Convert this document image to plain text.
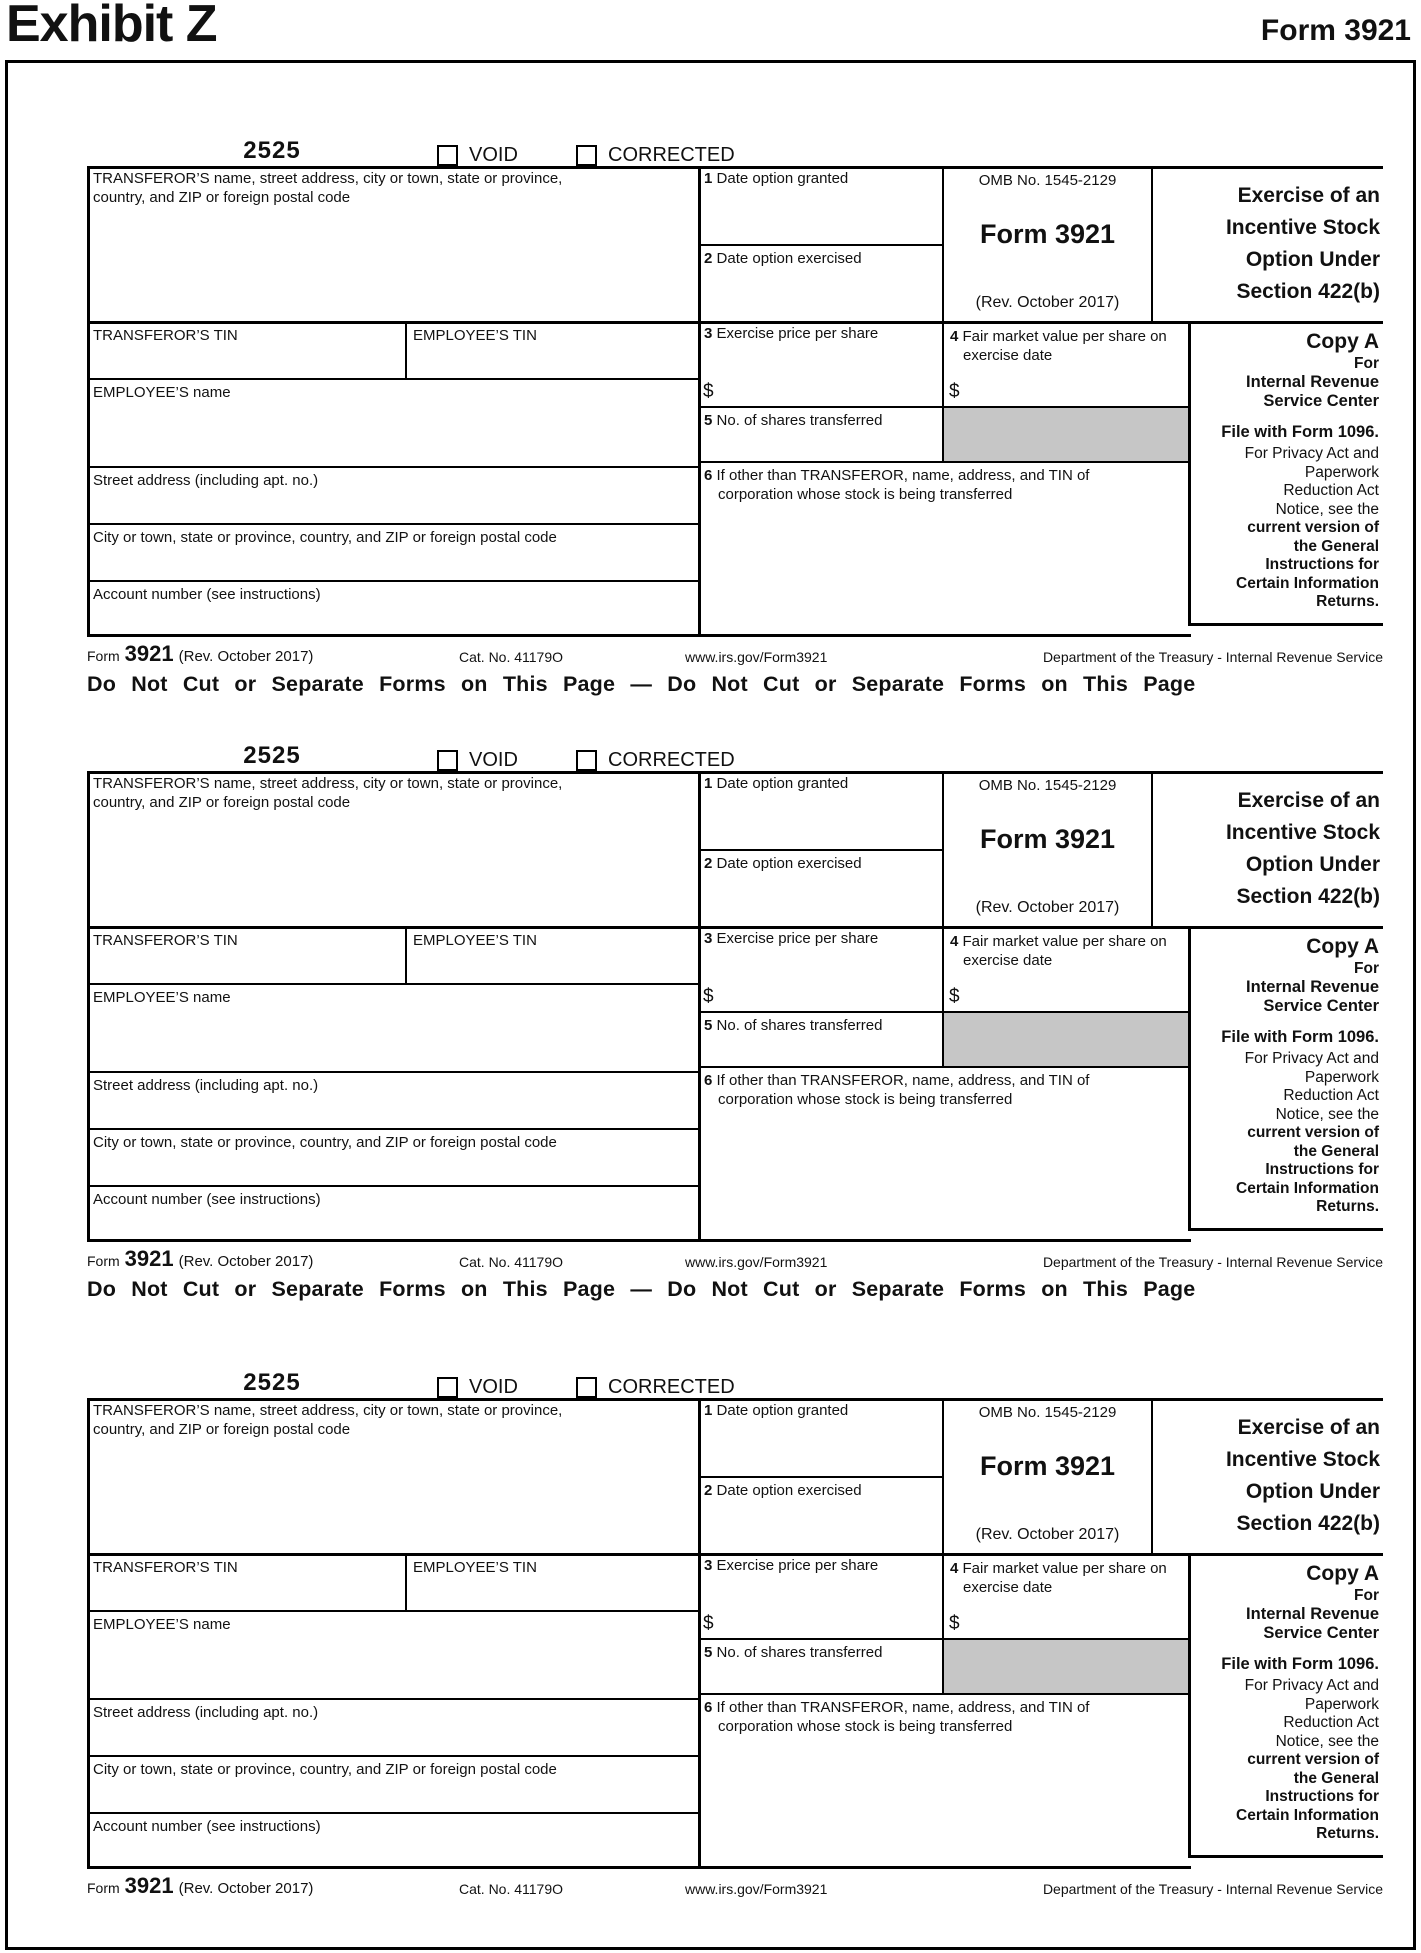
Exhibit Z	Form 3921
2525	VOID	CORRECTED
TRANSFEROR’S name, street address, city or town, state or province,
country, and ZIP or foreign postal code
TRANSFEROR’S TIN	EMPLOYEE’S TIN
EMPLOYEE’S name
Street address (including apt. no.)
City or town, state or province, country, and ZIP or foreign postal code
Account number (see instructions)
1 Date option granted
2 Date option exercised
3 Exercise price per share
$
5 No. of shares transferred
6 If other than TRANSFEROR, name, address, and TIN of
corporation whose stock is being transferred
OMB No. 1545-2129
Form 3921
(Rev. October 2017)
4 Fair market value per share on exercise date
$
Exercise of an
Incentive Stock
Option Under
Section 422(b)
Copy A
For
Internal Revenue
Service Center
File with Form 1096.
For Privacy Act and
Paperwork
Reduction Act
Notice, see the
current version of
the General
Instructions for
Certain Information
Returns.
Form 3921 (Rev. October 2017)	Cat. No. 41179O	www.irs.gov/Form3921	Department of the Treasury - Internal Revenue Service
Do Not Cut or Separate Forms on This Page — Do Not Cut or Separate Forms on This Page
2525	VOID	CORRECTED
TRANSFEROR’S name, street address, city or town, state or province,
country, and ZIP or foreign postal code
TRANSFEROR’S TIN	EMPLOYEE’S TIN
EMPLOYEE’S name
Street address (including apt. no.)
City or town, state or province, country, and ZIP or foreign postal code
Account number (see instructions)
1 Date option granted
2 Date option exercised
3 Exercise price per share
$
5 No. of shares transferred
6 If other than TRANSFEROR, name, address, and TIN of
corporation whose stock is being transferred
OMB No. 1545-2129
Form 3921
(Rev. October 2017)
4 Fair market value per share on exercise date
$
Exercise of an
Incentive Stock
Option Under
Section 422(b)
Copy A
For
Internal Revenue
Service Center
File with Form 1096.
For Privacy Act and
Paperwork
Reduction Act
Notice, see the
current version of
the General
Instructions for
Certain Information
Returns.
Form 3921 (Rev. October 2017)	Cat. No. 41179O	www.irs.gov/Form3921	Department of the Treasury - Internal Revenue Service
Do Not Cut or Separate Forms on This Page — Do Not Cut or Separate Forms on This Page
2525	VOID	CORRECTED
TRANSFEROR’S name, street address, city or town, state or province,
country, and ZIP or foreign postal code
TRANSFEROR’S TIN	EMPLOYEE’S TIN
EMPLOYEE’S name
Street address (including apt. no.)
City or town, state or province, country, and ZIP or foreign postal code
Account number (see instructions)
1 Date option granted
2 Date option exercised
3 Exercise price per share
$
5 No. of shares transferred
6 If other than TRANSFEROR, name, address, and TIN of
corporation whose stock is being transferred
OMB No. 1545-2129
Form 3921
(Rev. October 2017)
4 Fair market value per share on exercise date
$
Exercise of an
Incentive Stock
Option Under
Section 422(b)
Copy A
For
Internal Revenue
Service Center
File with Form 1096.
For Privacy Act and
Paperwork
Reduction Act
Notice, see the
current version of
the General
Instructions for
Certain Information
Returns.
Form 3921 (Rev. October 2017)	Cat. No. 41179O	www.irs.gov/Form3921	Department of the Treasury - Internal Revenue Service
